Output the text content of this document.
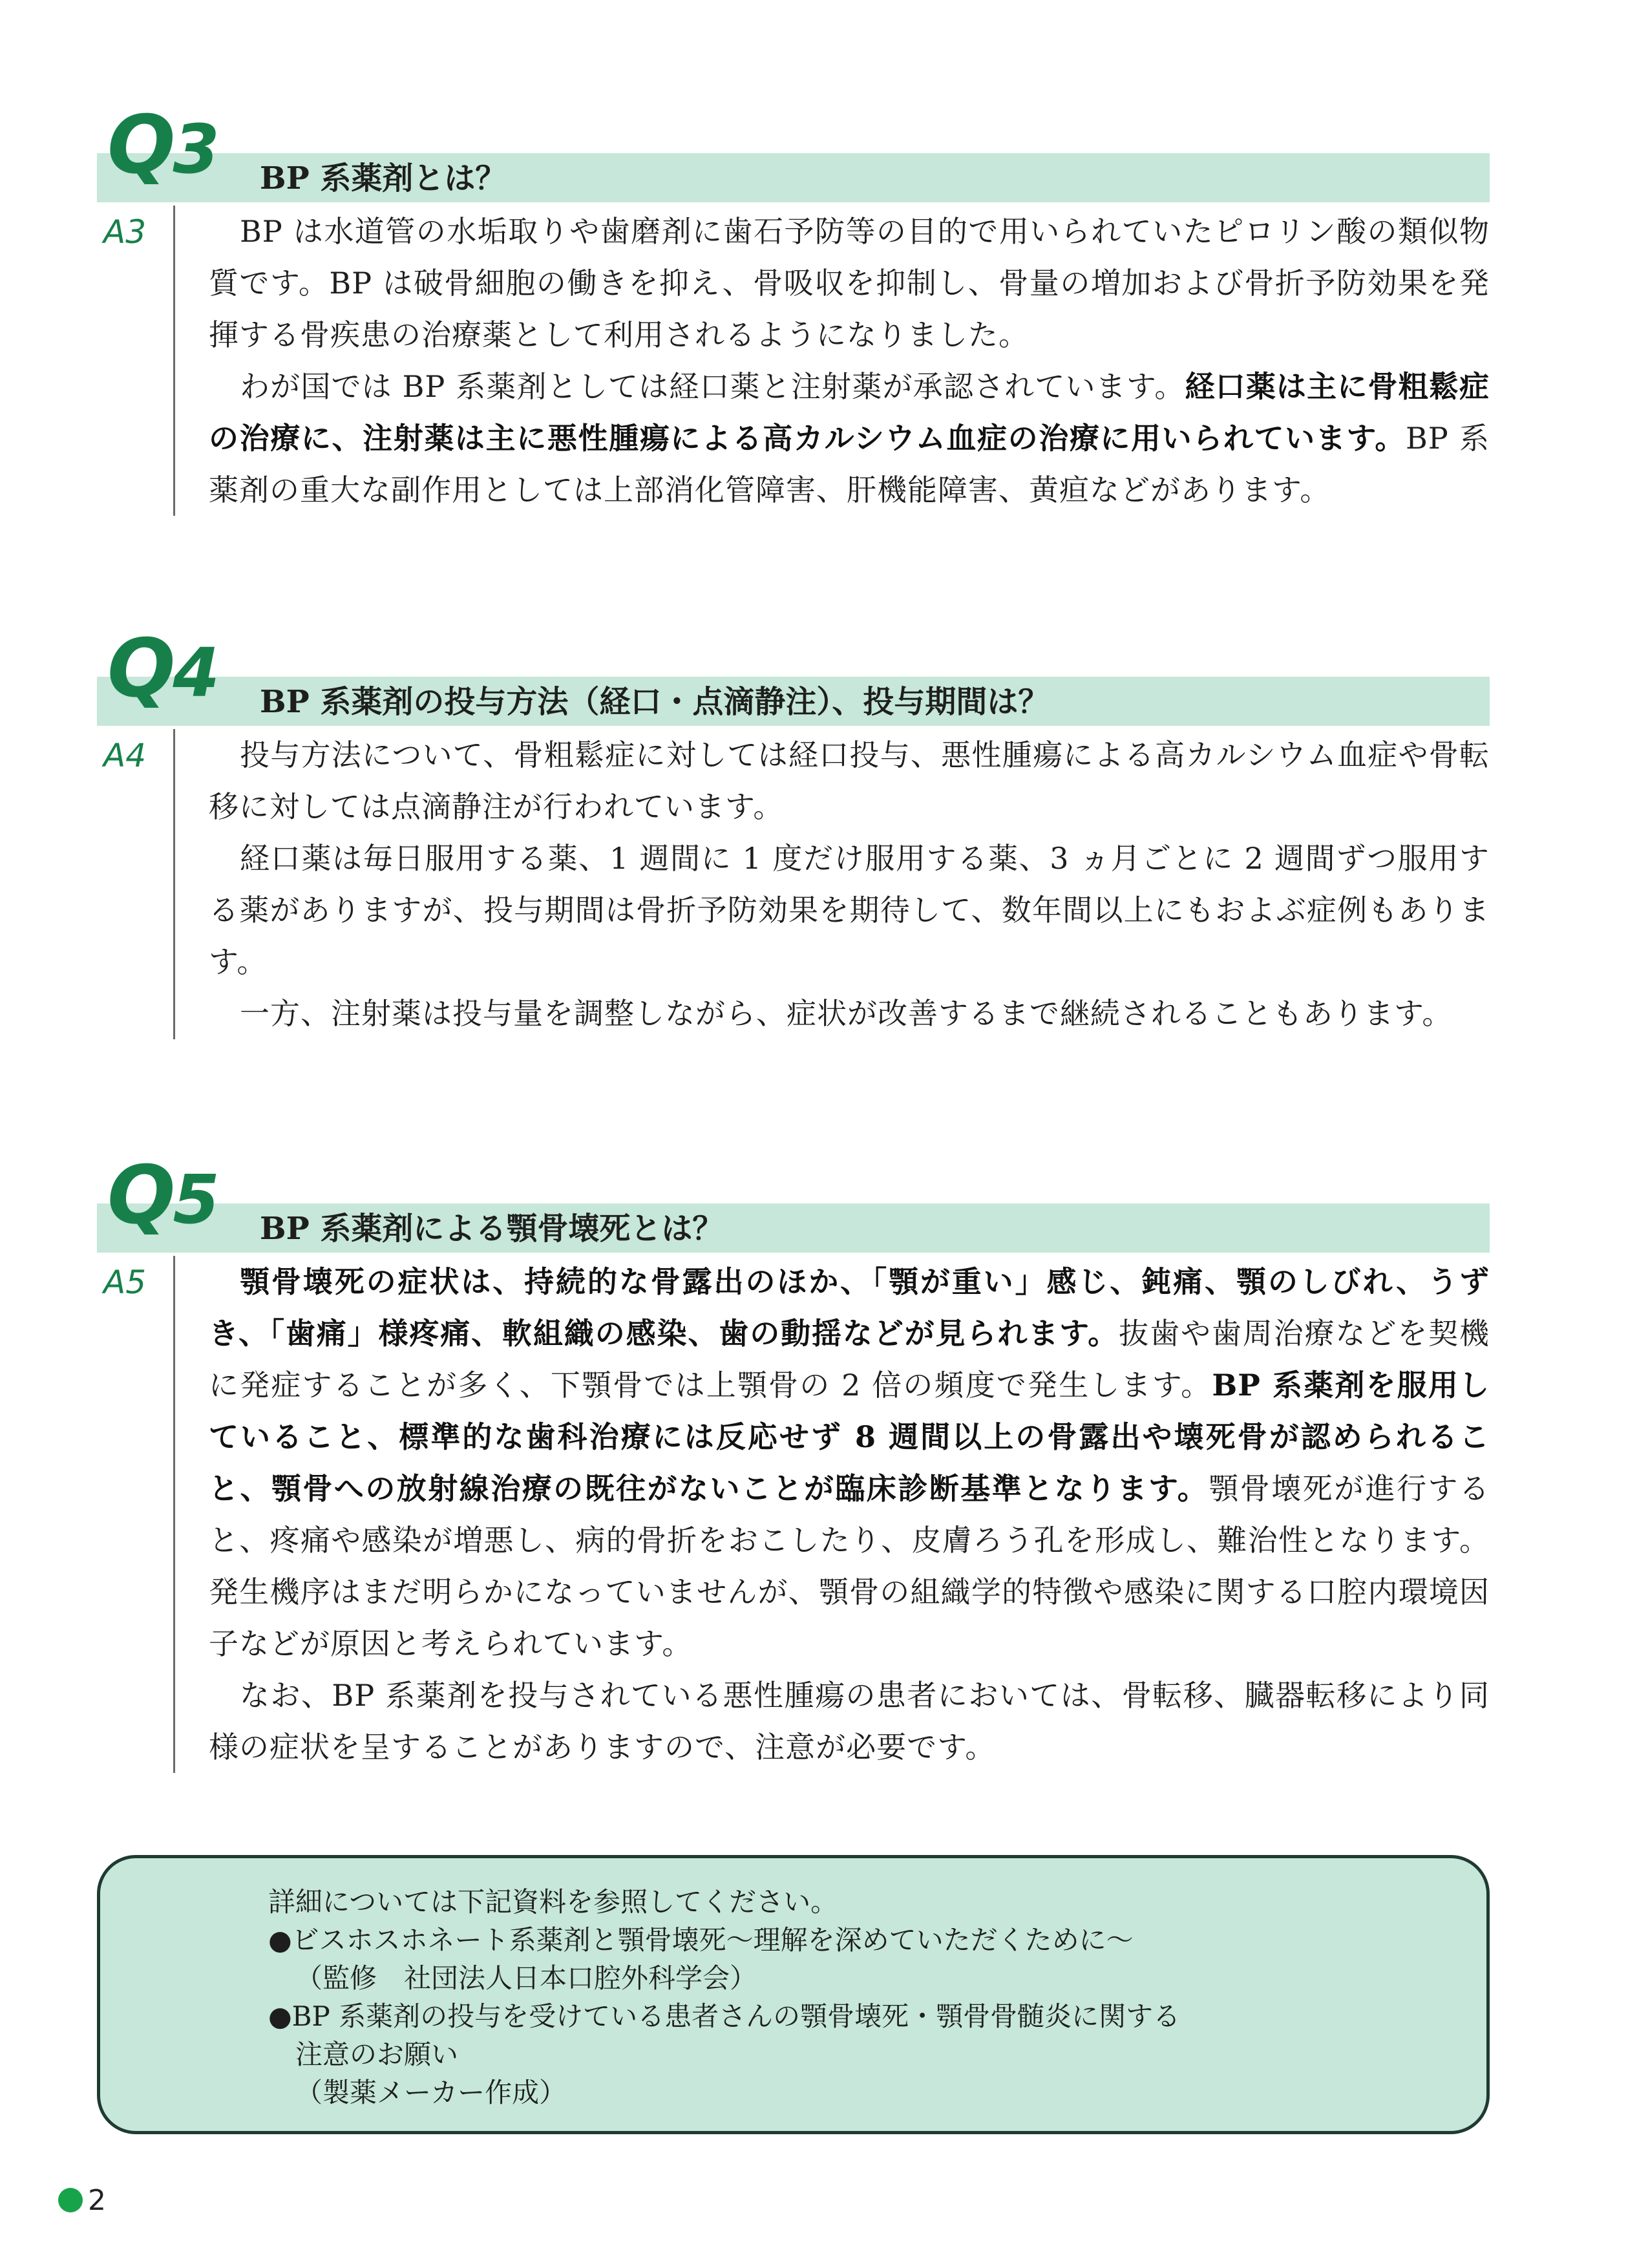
Q3 BP 系薬剤とは？
A3	BP は水道管の水垢取りや歯磨剤に歯石予防等の目的で用いられていたピロリン酸の類似物質です。BP は破骨細胞の働きを抑え、骨吸収を抑制し、骨量の増加および骨折予防効果を発揮する骨疾患の治療薬として利用されるようになりました。

わが国では BP 系薬剤としては経口薬と注射薬が承認されています。経口薬は主に骨粗鬆症の治療に、注射薬は主に悪性腫瘍による高カルシウム血症の治療に用いられています。BP 系薬剤の重大な副作用としては上部消化管障害、肝機能障害、黄疸などがあります。

Q4 BP 系薬剤の投与方法（経口・点滴静注）、投与期間は？
A4	投与方法について、骨粗鬆症に対しては経口投与、悪性腫瘍による高カルシウム血症や骨転移に対しては点滴静注が行われています。

経口薬は毎日服用する薬、1 週間に 1 度だけ服用する薬、3 ヵ月ごとに 2 週間ずつ服用する薬がありますが、投与期間は骨折予防効果を期待して、数年間以上にもおよぶ症例もあります。

一方、注射薬は投与量を調整しながら、症状が改善するまで継続されることもあります。

Q5 BP 系薬剤による顎骨壊死とは？
A5	顎骨壊死の症状は、持続的な骨露出のほか、「顎が重い」感じ、鈍痛、顎のしびれ、うずき、「歯痛」様疼痛、軟組織の感染、歯の動揺などが見られます。抜歯や歯周治療などを契機に発症することが多く、下顎骨では上顎骨の 2 倍の頻度で発生します。BP 系薬剤を服用していること、標準的な歯科治療には反応せず 8 週間以上の骨露出や壊死骨が認められること、顎骨への放射線治療の既往がないことが臨床診断基準となります。顎骨壊死が進行すると、疼痛や感染が増悪し、病的骨折をおこしたり、皮膚ろう孔を形成し、難治性となります。発生機序はまだ明らかになっていませんが、顎骨の組織学的特徴や感染に関する口腔内環境因子などが原因と考えられています。

なお、BP 系薬剤を投与されている悪性腫瘍の患者においては、骨転移、臓器転移により同様の症状を呈することがありますので、注意が必要です。

詳細については下記資料を参照してください。
●ビスホスホネート系薬剤と顎骨壊死～理解を深めていただくために～
（監修　社団法人日本口腔外科学会）
●BP 系薬剤の投与を受けている患者さんの顎骨壊死・顎骨骨髄炎に関する
注意のお願い
（製薬メーカー作成）
2
